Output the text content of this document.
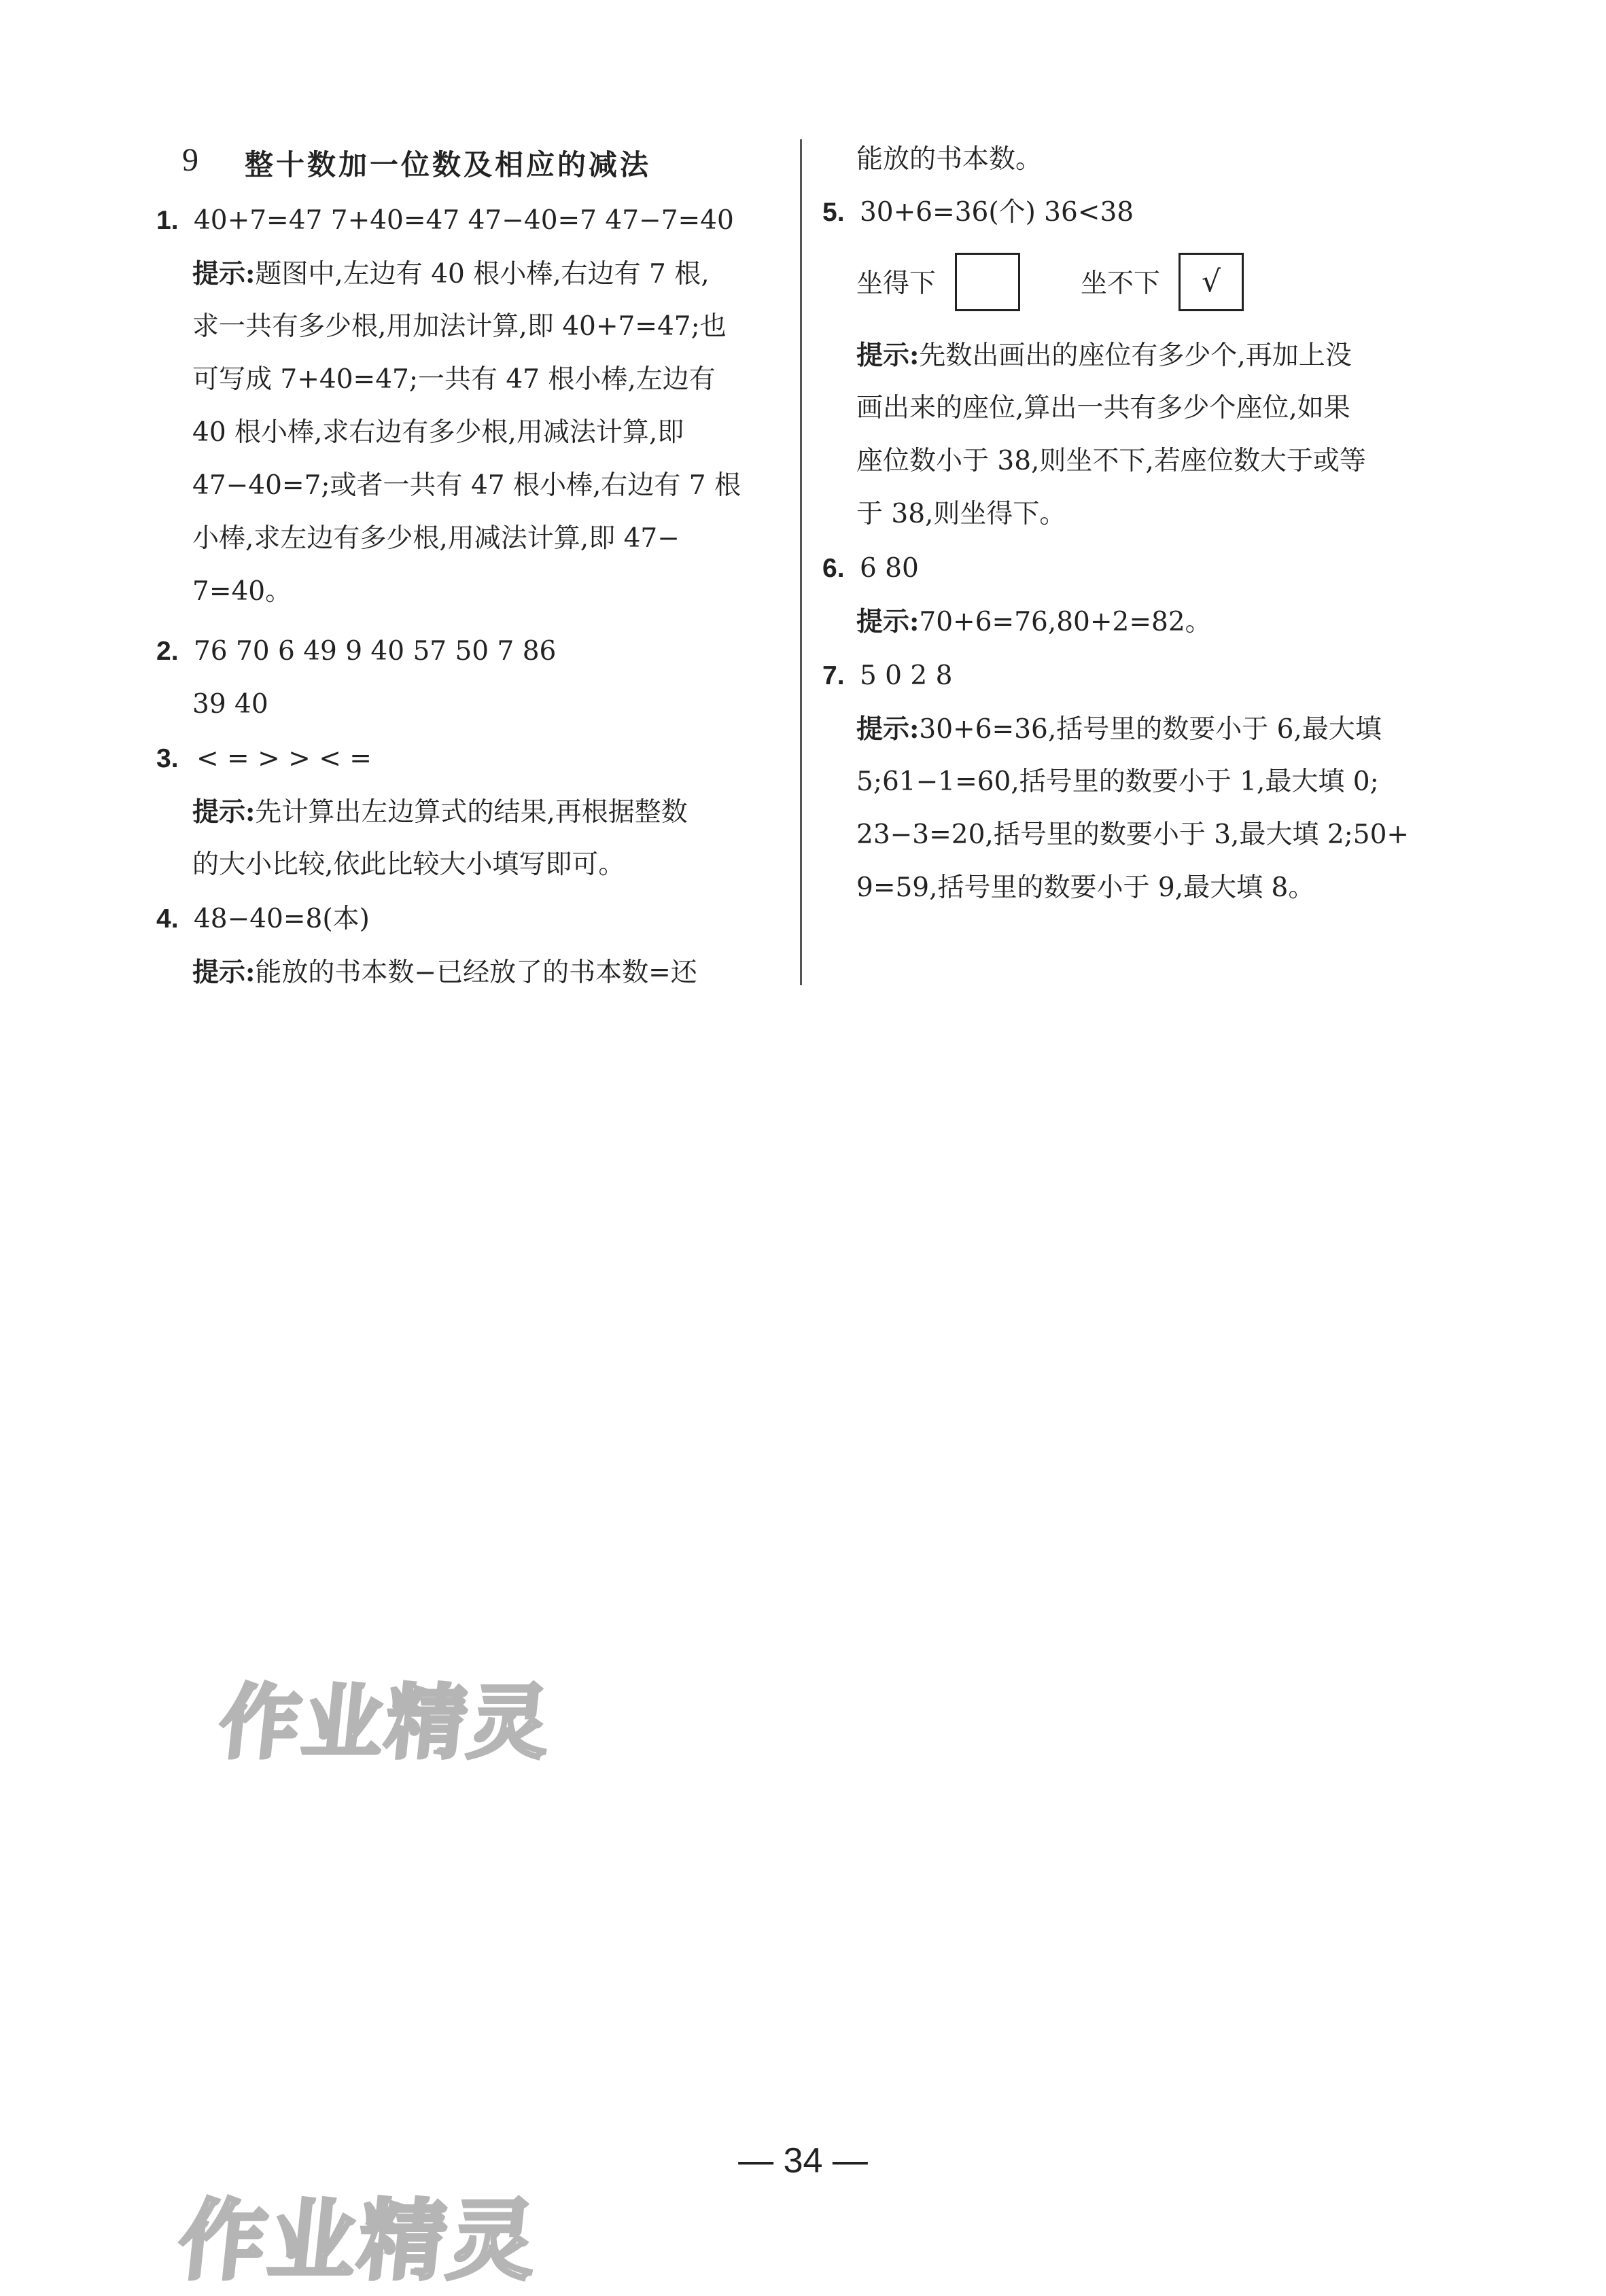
9 整十数加一位数及相应的减法
1. 40+7=47 7+40=47 47−40=7 47−7=40
提示:题图中,左边有 40 根小棒,右边有 7 根,
求一共有多少根,用加法计算,即 40+7=47;也
可写成 7+40=47;一共有 47 根小棒,左边有
40 根小棒,求右边有多少根,用减法计算,即
47−40=7;或者一共有 47 根小棒,右边有 7 根
小棒,求左边有多少根,用减法计算,即 47−
7=40。
2. 76 70 6 49 9 40 57 50 7 86
39 40
3. < = > > < =
提示:先计算出左边算式的结果,再根据整数
的大小比较,依此比较大小填写即可。
4. 48−40=8(本)
提示:能放的书本数−已经放了的书本数=还
能放的书本数。
5. 30+6=36(个) 36<38
坐得下	坐不下	√
提示:先数出画出的座位有多少个,再加上没
画出来的座位,算出一共有多少个座位,如果
座位数小于 38,则坐不下,若座位数大于或等
于 38,则坐得下。
6. 6 80
提示:70+6=76,80+2=82。
7. 5 0 2 8
提示:30+6=36,括号里的数要小于 6,最大填
5;61−1=60,括号里的数要小于 1,最大填 0;
23−3=20,括号里的数要小于 3,最大填 2;50+
9=59,括号里的数要小于 9,最大填 8。
作业精灵
作业精灵
— 34 —
